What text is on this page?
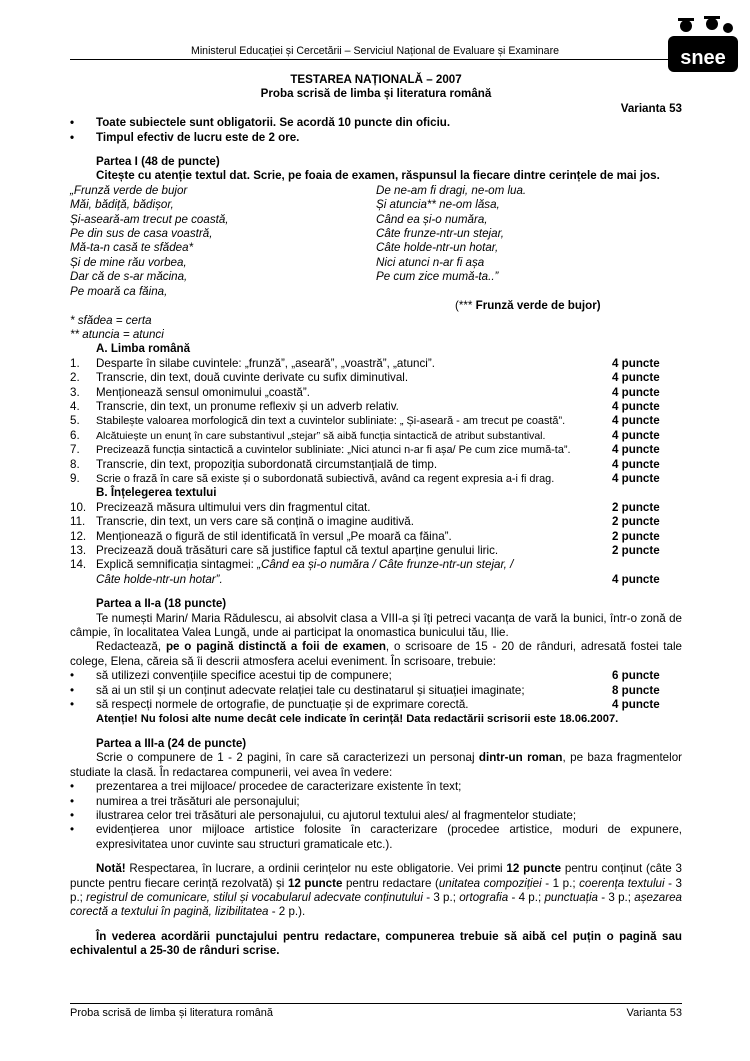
Ministerul Educației și Cercetării – Serviciul Național de Evaluare și Examinare	snee
TESTAREA NAȚIONALĂ – 2007
Proba scrisă de limba și literatura română
Varianta 53
•	Toate subiectele sunt obligatorii. Se acordă 10 puncte din oficiu.
•	Timpul efectiv de lucru este de 2 ore.
Partea I (48 de puncte)
Citește cu atenție textul dat. Scrie, pe foaia de examen, răspunsul la fiecare dintre cerințele de mai jos.
„Frunză verde de bujor
Măi, bădiță, bădișor,
Și-aseară-am trecut pe coastă,
Pe din sus de casa voastră,
Mă-ta-n casă te sfădea*
Și de mine rău vorbea,
Dar că de s-ar măcina,
Pe moară ca făina,
De ne-am fi dragi, ne-om lua.
Și atuncia** ne-om lăsa,
Când ea și-o număra,
Câte frunze-ntr-un stejar,
Câte holde-ntr-un hotar,
Nici atunci n-ar fi așa
Pe cum zice mumă-ta..”
(*** Frunză verde de bujor)
* sfădea = certa
** atuncia = atunci
A. Limba română
1.	Desparte în silabe cuvintele: „frunză”, „aseară”, „voastră”, „atunci”.	4 puncte
2.	Transcrie, din text, două cuvinte derivate cu sufix diminutival.	4 puncte
3.	Menționează sensul omonimului „coastă”.	4 puncte
4.	Transcrie, din text, un pronume reflexiv și un adverb relativ.	4 puncte
5.	Stabilește valoarea morfologică din text a cuvintelor subliniate: „ Și-aseară - am trecut pe coastă”.	4 puncte
6.	Alcătuiește un enunț în care substantivul „stejar” să aibă funcția sintactică de atribut substantival.	4 puncte
7.	Precizează funcția sintactică a cuvintelor subliniate: „Nici atunci n-ar fi așa/ Pe cum zice mumă-ta”.	4 puncte
8.	Transcrie, din text, propoziția subordonată circumstanțială de timp.	4 puncte
9.	Scrie o frază în care să existe și o subordonată subiectivă, având ca regent expresia a-i fi drag.	4 puncte
B. Înțelegerea textului
10. Precizează măsura ultimului vers din fragmentul citat.	2 puncte
11. Transcrie, din text, un vers care să conțină o imagine auditivă.	2 puncte
12. Menționează o figură de stil identificată în versul „Pe moară ca făina”.	2 puncte
13. Precizează două trăsături care să justifice faptul că textul aparține genului liric.	2 puncte
14. Explică semnificația sintagmei: „Când ea și-o număra / Câte frunze-ntr-un stejar, /
Câte holde-ntr-un hotar”.	4 puncte
Partea a II-a (18 puncte)
Te numești Marin/ Maria Rădulescu, ai absolvit clasa a VIII-a și îți petreci vacanța de vară la bunici, într-o zonă de câmpie, în localitatea Valea Lungă, unde ai participat la onomastica bunicului tău, Ilie.
Redactează, pe o pagină distinctă a foii de examen, o scrisoare de 15 - 20 de rânduri, adresată fostei tale colege, Elena, căreia să îi descrii atmosfera acelui eveniment. În scrisoare, trebuie:
•	să utilizezi convențiile specifice acestui tip de compunere;	6 puncte
•	să ai un stil și un conținut adecvate relației tale cu destinatarul și situației imaginate;	8 puncte
•	să respecți normele de ortografie, de punctuație și de exprimare corectă.	4 puncte
Atenție! Nu folosi alte nume decât cele indicate în cerință! Data redactării scrisorii este 18.06.2007.
Partea a III-a (24 de puncte)
Scrie o compunere de 1 - 2 pagini, în care să caracterizezi un personaj dintr-un roman, pe baza fragmentelor studiate la clasă. În redactarea compunerii, vei avea în vedere:
•	prezentarea a trei mijloace/ procedee de caracterizare existente în text;
•	numirea a trei trăsături ale personajului;
•	ilustrarea celor trei trăsături ale personajului, cu ajutorul textului ales/ al fragmentelor studiate;
•	evidențierea unor mijloace artistice folosite în caracterizare (procedee artistice, moduri de expunere, expresivitatea unor cuvinte sau structuri gramaticale etc.).
Notă! Respectarea, în lucrare, a ordinii cerințelor nu este obligatorie. Vei primi 12 puncte pentru conținut (câte 3 puncte pentru fiecare cerință rezolvată) și 12 puncte pentru redactare (unitatea compoziției - 1 p.; coerența textului - 3 p.; registrul de comunicare, stilul și vocabularul adecvate conținutului - 3 p.; ortografia - 4 p.; punctuația - 3 p.; așezarea corectă a textului în pagină, lizibilitatea - 2 p.).
În vederea acordării punctajului pentru redactare, compunerea trebuie să aibă cel puțin o pagină sau echivalentul a 25-30 de rânduri scrise.
Proba scrisă de limba și literatura română	Varianta 53
